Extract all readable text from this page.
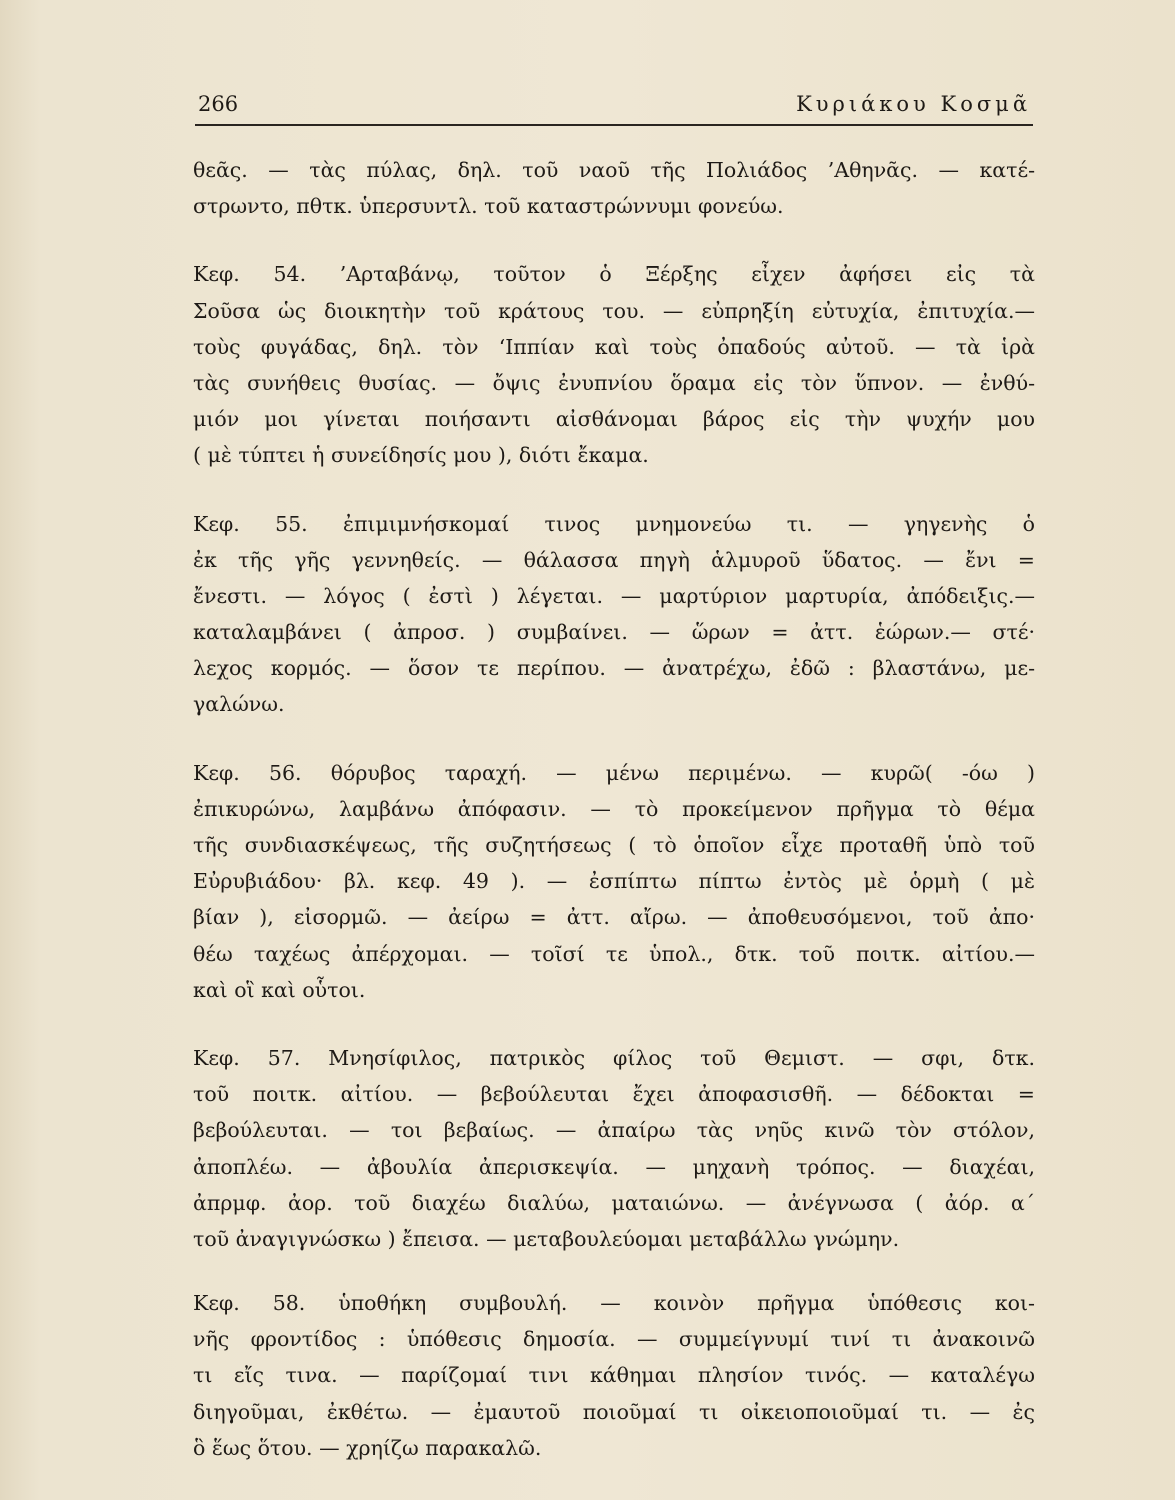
266	Κυριάκου Κοσμᾶ

θεᾶς. — τὰς πύλας, δηλ. τοῦ ναοῦ τῆς Πολιάδος ’Αθηνᾶς. — κατέ-

στρωντο, πθτκ. ὑπερσυντλ. τοῦ καταστρώννυμι φονεύω.

Κεφ. 54. ’Αρταβάνῳ, τοῦτον ὁ Ξέρξης εἶχεν ἀφήσει εἰς τὰ

Σοῦσα ὡς διοικητὴν τοῦ κράτους του. — εὐπρηξίη εὐτυχία, ἐπιτυχία.—

τοὺς φυγάδας, δηλ. τὸν ‘Ιππίαν καὶ τοὺς ὀπαδούς αὐτοῦ. — τὰ ἱρὰ

τὰς συνήθεις θυσίας. — ὄψις ἐνυπνίου ὅραμα εἰς τὸν ὕπνον. — ἐνθύ-

μιόν μοι γίνεται ποιήσαντι αἰσθάνομαι βάρος εἰς τὴν ψυχήν μου

( μὲ τύπτει ἡ συνείδησίς μου ), διότι ἔκαμα.

Κεφ. 55. ἐπιμιμνήσκομαί τινος μνημονεύω τι. — γηγενὴς ὁ

ἐκ τῆς γῆς γεννηθείς. — θάλασσα πηγὴ ἁλμυροῦ ὕδατος. — ἔνι =

ἔνεστι. — λόγος ( ἐστὶ ) λέγεται. — μαρτύριον μαρτυρία, ἀπόδειξις.—

καταλαμβάνει ( ἀπροσ. ) συμβαίνει. — ὥρων = ἀττ. ἑώρων.— στέ·

λεχος κορμός. — ὅσον τε περίπου. — ἀνατρέχω, ἐδῶ : βλαστάνω, με-

γαλώνω.

Κεφ. 56. θόρυβος ταραχή. — μένω περιμένω. — κυρῶ( -όω )

ἐπικυρώνω, λαμβάνω ἀπόφασιν. — τὸ προκείμενον πρῆγμα τὸ θέμα

τῆς συνδιασκέψεως, τῆς συζητήσεως ( τὸ ὁποῖον εἶχε προταθῆ ὑπὸ τοῦ

Εὐρυβιάδου· βλ. κεφ. 49 ). — ἐσπίπτω πίπτω ἐντὸς μὲ ὁρμὴ ( μὲ

βίαν ), εἰσορμῶ. — ἀείρω = ἀττ. αἴρω. — ἀποθευσόμενοι, τοῦ ἀπο·

θέω ταχέως ἀπέρχομαι. — τοῖσί τε ὑπολ., δτκ. τοῦ ποιτκ. αἰτίου.—

καὶ οἳ καὶ οὗτοι.

Κεφ. 57. Μνησίφιλος, πατρικὸς φίλος τοῦ Θεμιστ. — σφι, δτκ.

τοῦ ποιτκ. αἰτίου. — βεβούλευται ἔχει ἀποφασισθῆ. — δέδοκται =

βεβούλευται. — τοι βεβαίως. — ἀπαίρω τὰς νηῦς κινῶ τὸν στόλον,

ἀποπλέω. — ἀβουλία ἀπερισκεψία. — μηχανὴ τρόπος. — διαχέαι,

ἀπρμφ. ἀορ. τοῦ διαχέω διαλύω, ματαιώνω. — ἀνέγνωσα ( ἀόρ. α΄

τοῦ ἀναγιγνώσκω ) ἔπεισα. — μεταβουλεύομαι μεταβάλλω γνώμην.

Κεφ. 58. ὑποθήκη συμβουλή. — κοινὸν πρῆγμα ὑπόθεσις κοι-

νῆς φροντίδος : ὑπόθεσις δημοσία. — συμμείγνυμί τινί τι ἀνακοινῶ

τι εἴς τινα. — παρίζομαί τινι κάθημαι πλησίον τινός. — καταλέγω

διηγοῦμαι, ἐκθέτω. — ἐμαυτοῦ ποιοῦμαί τι οἰκειοποιοῦμαί τι. — ἐς

ὃ ἕως ὅτου. — χρηίζω παρακαλῶ.
